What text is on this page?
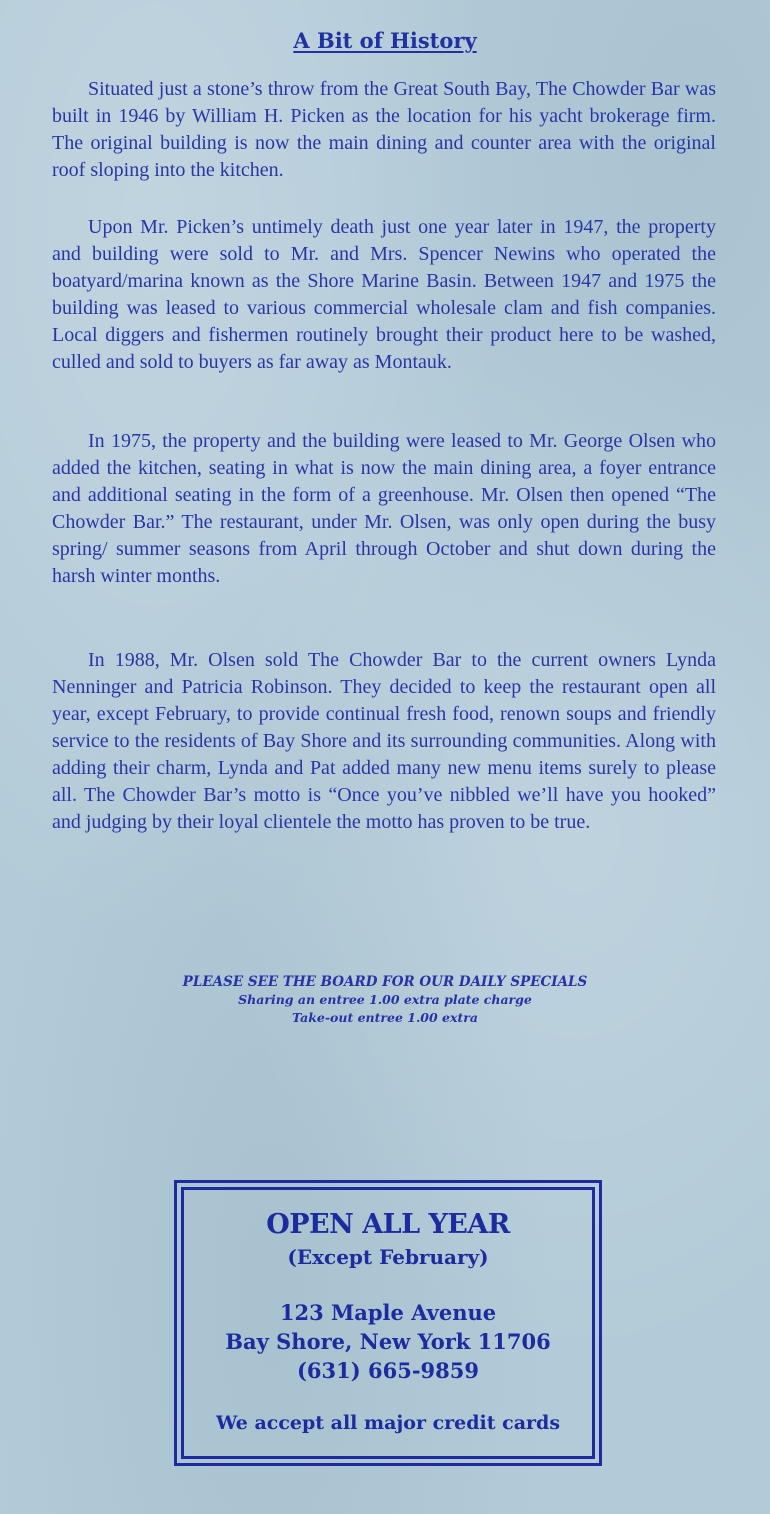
A Bit of History

Situated just a stone’s throw from the Great South Bay, The Chowder Bar was built in 1946 by William H. Picken as the location for his yacht brokerage firm. The original building is now the main dining and counter area with the original roof sloping into the kitchen.

Upon Mr. Picken’s untimely death just one year later in 1947, the property and building were sold to Mr. and Mrs. Spencer Newins who operated the boatyard/marina known as the Shore Marine Basin. Between 1947 and 1975 the building was leased to various commercial wholesale clam and fish companies. Local diggers and fishermen routinely brought their product here to be washed, culled and sold to buyers as far away as Montauk.

In 1975, the property and the building were leased to Mr. George Olsen who added the kitchen, seating in what is now the main dining area, a foyer entrance and additional seating in the form of a greenhouse. Mr. Olsen then opened “The Chowder Bar.” The restaurant, under Mr. Olsen, was only open during the busy spring/ summer seasons from April through October and shut down during the harsh winter months.

In 1988, Mr. Olsen sold The Chowder Bar to the current owners Lynda Nenninger and Patricia Robinson. They decided to keep the restaurant open all year, except February, to provide continual fresh food, renown soups and friendly service to the residents of Bay Shore and its surrounding communities. Along with adding their charm, Lynda and Pat added many new menu items surely to please all. The Chowder Bar’s motto is “Once you’ve nibbled we’ll have you hooked” and judging by their loyal clientele the motto has proven to be true.

PLEASE SEE THE BOARD FOR OUR DAILY SPECIALS
Sharing an entree 1.00 extra plate charge
Take-out entree 1.00 extra
OPEN ALL YEAR
(Except February)
123 Maple Avenue
Bay Shore, New York 11706
(631) 665-9859
We accept all major credit cards
